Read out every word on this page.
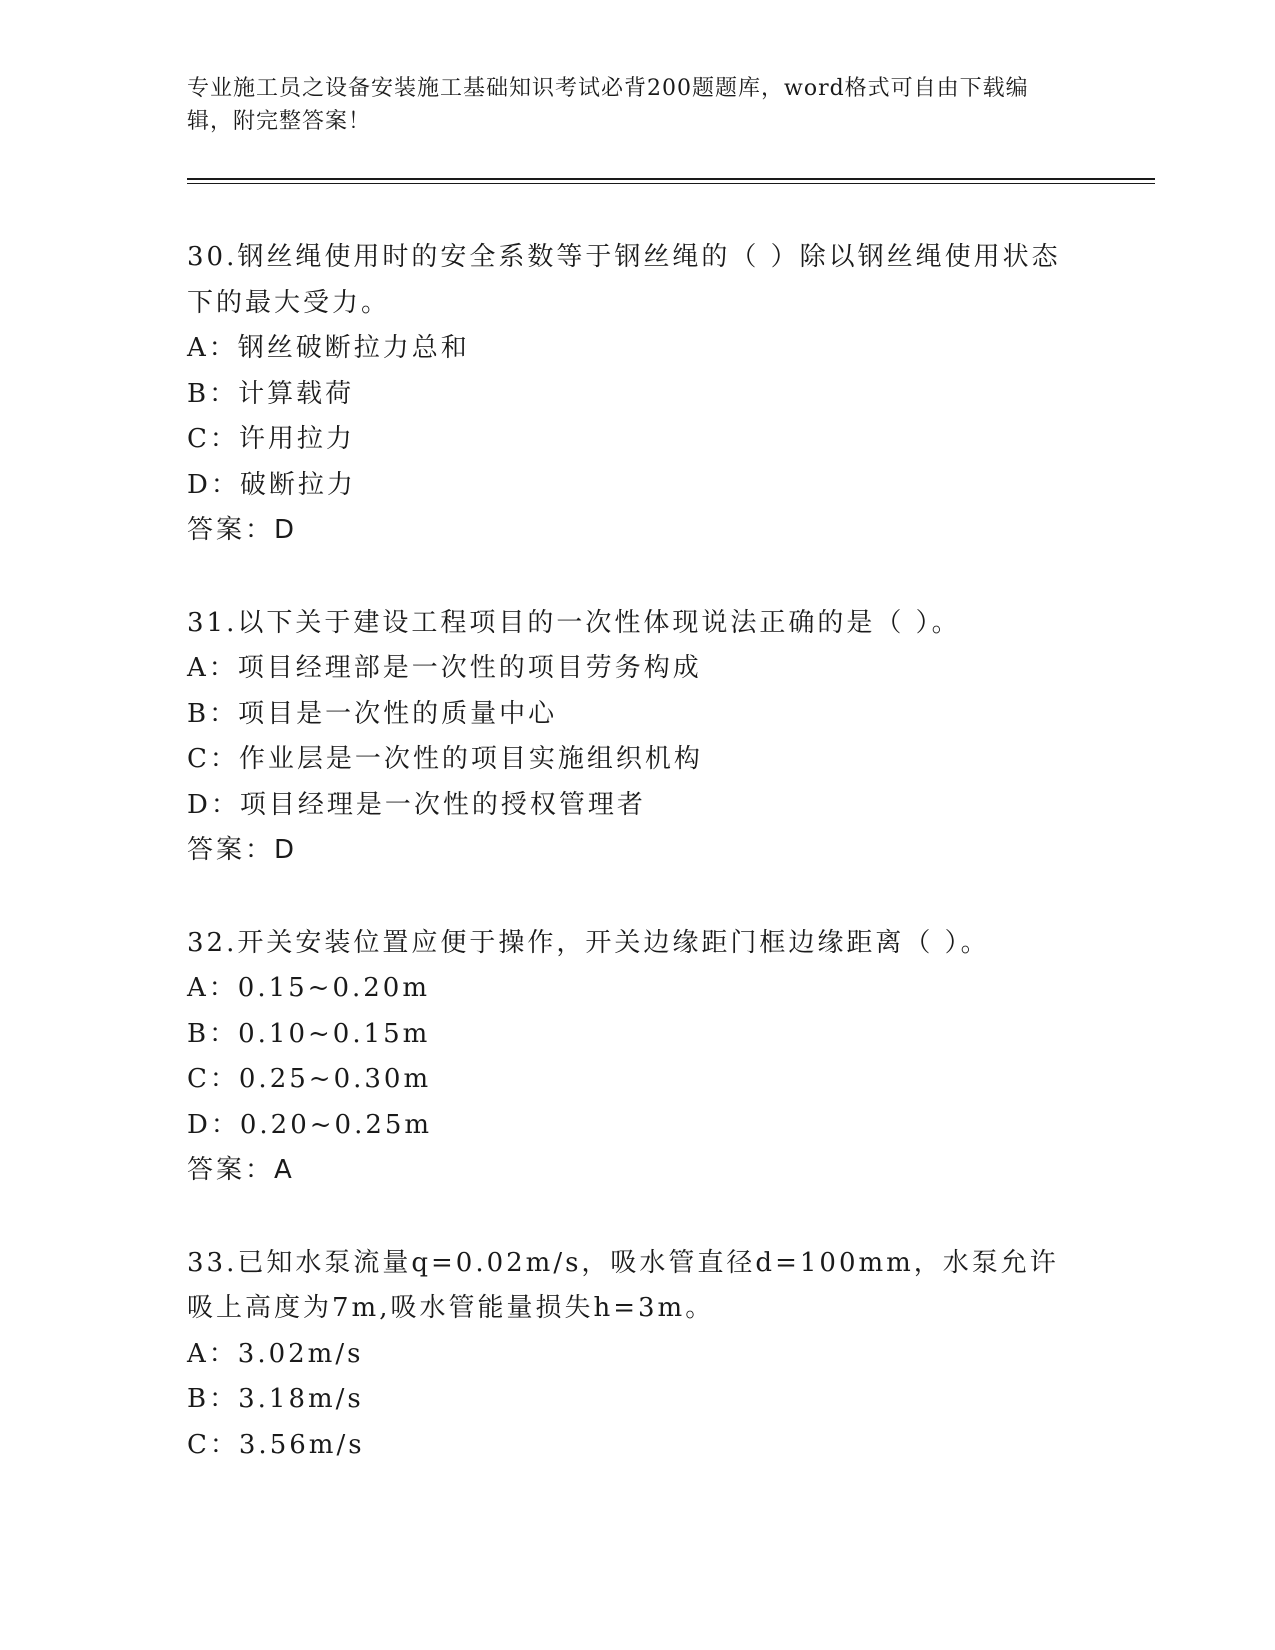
专业施工员之设备安装施工基础知识考试必背200题题库，word格式可自由下载编辑，附完整答案！
30.钢丝绳使用时的安全系数等于钢丝绳的（ ）除以钢丝绳使用状态下的最大受力。
A：钢丝破断拉力总和
B：计算载荷
C：许用拉力
D：破断拉力
答案：D
31.以下关于建设工程项目的一次性体现说法正确的是（ ）。
A：项目经理部是一次性的项目劳务构成
B：项目是一次性的质量中心
C：作业层是一次性的项目实施组织机构
D：项目经理是一次性的授权管理者
答案：D
32.开关安装位置应便于操作，开关边缘距门框边缘距离（ ）。
A：0.15~0.20m
B：0.10~0.15m
C：0.25~0.30m
D：0.20~0.25m
答案：A
33.已知水泵流量q=0.02m/s，吸水管直径d=100mm，水泵允许吸上高度为7m,吸水管能量损失h=3m。
A：3.02m/s
B：3.18m/s
C：3.56m/s
